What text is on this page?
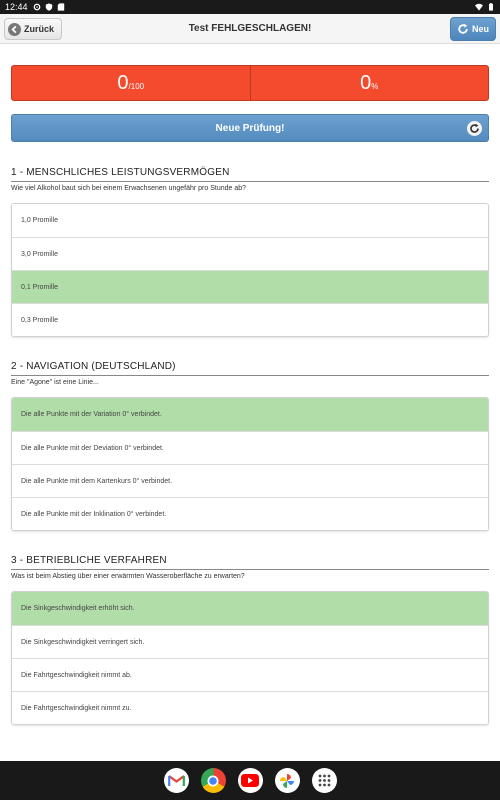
12:44
Zurück	Test FEHLGESCHLAGEN!	Neu
0 /100	0 %
Neue Prüfung!
1 - MENSCHLICHES LEISTUNGSVERMÖGEN
Wie viel Alkohol baut sich bei einem Erwachsenen ungefähr pro Stunde ab?
1,0 Promille
3,0 Promille
0,1 Promille
0,3 Promille
2 - NAVIGATION (DEUTSCHLAND)
Eine "Agone" ist eine Linie...
Die alle Punkte mit der Variation 0° verbindet.
Die alle Punkte mit der Deviation 0° verbindet.
Die alle Punkte mit dem Kartenkurs 0° verbindet.
Die alle Punkte mit der Inklination 0° verbindet.
3 - BETRIEBLICHE VERFAHREN
Was ist beim Abstieg über einer erwärmten Wasseroberfläche zu erwarten?
Die Sinkgeschwindigkeit erhöht sich.
Die Sinkgeschwindigkeit verringert sich.
Die Fahrtgeschwindigkeit nimmt ab.
Die Fahrtgeschwindigkeit nimmt zu.
